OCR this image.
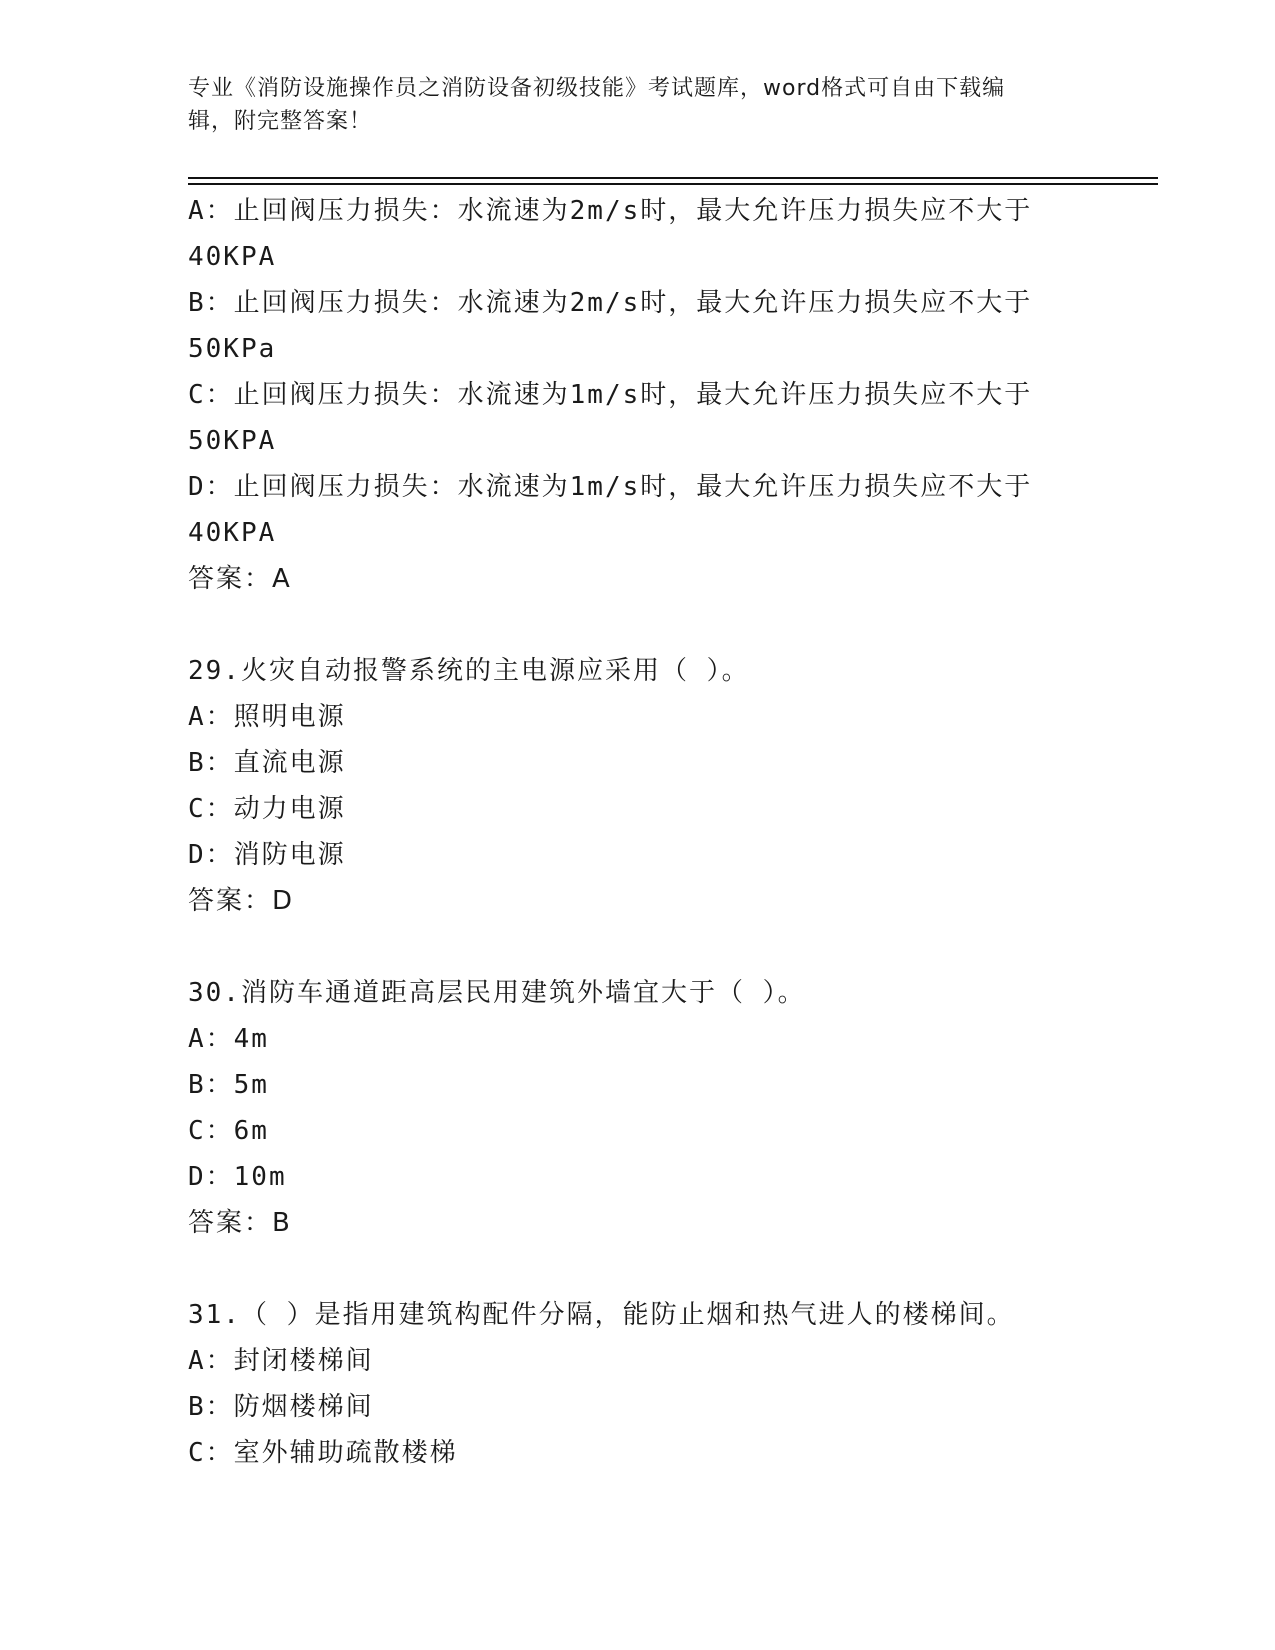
专业《消防设施操作员之消防设备初级技能》考试题库，word格式可自由下载编
辑，附完整答案！
A：止回阀压力损失：水流速为2m/s时，最大允许压力损失应不大于
40KPA
B：止回阀压力损失：水流速为2m/s时，最大允许压力损失应不大于
50KPa
C：止回阀压力损失：水流速为1m/s时，最大允许压力损失应不大于
50KPA
D：止回阀压力损失：水流速为1m/s时，最大允许压力损失应不大于
40KPA
答案：A
29.火灾自动报警系统的主电源应采用（ ）。
A：照明电源
B：直流电源
C：动力电源
D：消防电源
答案：D
30.消防车通道距高层民用建筑外墙宜大于（ ）。
A：4m
B：5m
C：6m
D：10m
答案：B
31.（ ）是指用建筑构配件分隔，能防止烟和热气进人的楼梯间。
A：封闭楼梯间
B：防烟楼梯间
C：室外辅助疏散楼梯
